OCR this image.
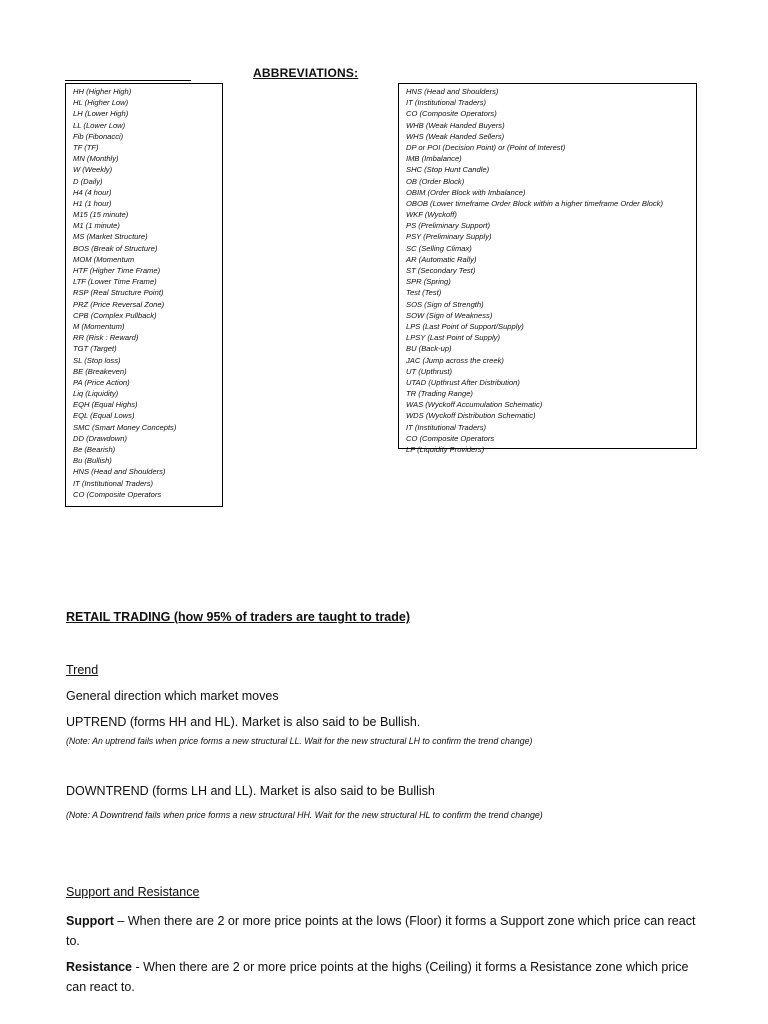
ABBREVIATIONS:
HH (Higher High)
HL (Higher Low)
LH (Lower High)
LL (Lower Low)
Fib (Fibonacci)
TF (TF)
MN (Monthly)
W (Weekly)
D (Daily)
H4 (4 hour)
H1 (1 hour)
M15 (15 minute)
M1 (1 minute)
MS (Market Structure)
BOS (Break of Structure)
MOM (Momentum
HTF (Higher Time Frame)
LTF (Lower Time Frame)
RSP (Real Structure Point)
PRZ (Price Reversal Zone)
CPB (Complex Pullback)
M (Momentum)
RR (Risk : Reward)
TGT (Target)
SL (Stop loss)
BE (Breakeven)
PA (Price Action)
Liq (Liquidity)
EQH (Equal Highs)
EQL (Equal Lows)
SMC (Smart Money Concepts)
DD (Drawdown)
Be (Bearish)
Bu (Bullish)
HNS (Head and Shoulders)
IT (Institutional Traders)
CO (Composite Operators
HNS (Head and Shoulders)
IT (Institutional Traders)
CO (Composite Operators)
WHB (Weak Handed Buyers)
WHS (Weak Handed Sellers)
DP or POI (Decision Point) or (Point of Interest)
IMB (Imbalance)
SHC (Stop Hunt Candle)
OB (Order Block)
OBIM (Order Block with Imbalance)
OBOB (Lower timeframe Order Block within a higher timeframe Order Block)
WKF (Wyckoff)
PS (Preliminary Support)
PSY (Preliminary Supply)
SC (Selling Climax)
AR (Automatic Rally)
ST (Secondary Test)
SPR (Spring)
Test (Test)
SOS (Sign of Strength)
SOW (Sign of Weakness)
LPS (Last Point of Support/Supply)
LPSY (Last Point of Supply)
BU (Back-up)
JAC (Jump across the creek)
UT (Upthrust)
UTAD (Upthrust After Distribution)
TR (Trading Range)
WAS (Wyckoff Accumulation Schematic)
WDS (Wyckoff Distribution Schematic)
IT (Institutional Traders)
CO (Composite Operators
LP (Liquidity Providers)
RETAIL TRADING (how 95% of traders are taught to trade)
Trend
General direction which market moves
UPTREND (forms HH and HL). Market is also said to be Bullish.
(Note: An uptrend fails when price forms a new structural LL. Wait for the new structural LH to confirm the trend change)
DOWNTREND (forms LH and LL). Market is also said to be Bullish
(Note: A Downtrend fails when price forms a new structural HH. Wait for the new structural HL to confirm the trend change)
Support and Resistance
Support – When there are 2 or more price points at the lows (Floor) it forms a Support zone which price can react to.
Resistance - When there are 2 or more price points at the highs (Ceiling) it forms a Resistance zone which price can react to.
